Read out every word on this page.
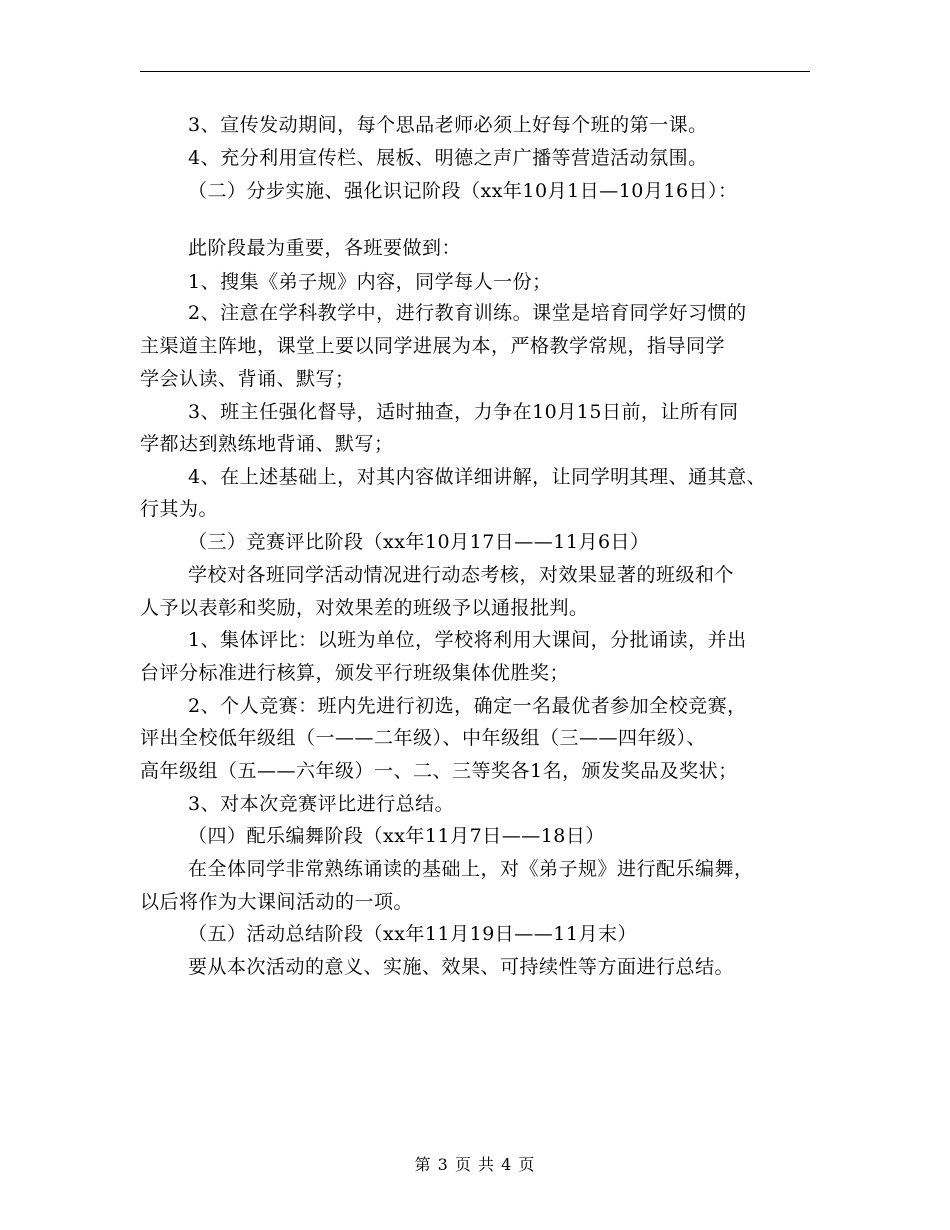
3、宣传发动期间，每个思品老师必须上好每个班的第一课。
4、充分利用宣传栏、展板、明德之声广播等营造活动氛围。
（二）分步实施、强化识记阶段（xx年10月1日—10月16日）：
此阶段最为重要，各班要做到：
1、搜集《弟子规》内容，同学每人一份；
2、注意在学科教学中，进行教育训练。课堂是培育同学好习惯的
主渠道主阵地，课堂上要以同学进展为本，严格教学常规，指导同学
学会认读、背诵、默写；
3、班主任强化督导，适时抽查，力争在10月15日前，让所有同
学都达到熟练地背诵、默写；
4、在上述基础上，对其内容做详细讲解，让同学明其理、通其意、
行其为。
（三）竞赛评比阶段（xx年10月17日——11月6日）
学校对各班同学活动情况进行动态考核，对效果显著的班级和个
人予以表彰和奖励，对效果差的班级予以通报批判。
1、集体评比：以班为单位，学校将利用大课间，分批诵读，并出
台评分标准进行核算，颁发平行班级集体优胜奖；
2、个人竞赛：班内先进行初选，确定一名最优者参加全校竞赛，
评出全校低年级组（一——二年级）、中年级组（三——四年级）、
高年级组（五——六年级）一、二、三等奖各1名，颁发奖品及奖状；
3、对本次竞赛评比进行总结。
（四）配乐编舞阶段（xx年11月7日——18日）
在全体同学非常熟练诵读的基础上，对《弟子规》进行配乐编舞，
以后将作为大课间活动的一项。
（五）活动总结阶段（xx年11月19日——11月末）
要从本次活动的意义、实施、效果、可持续性等方面进行总结。
第 3 页 共 4 页
